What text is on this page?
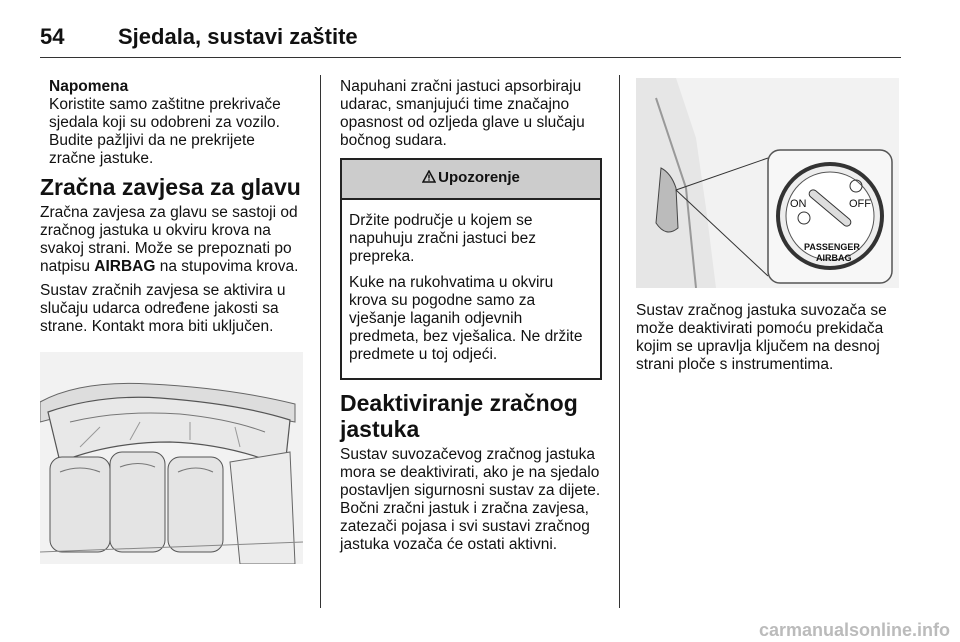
54 Sjedala, sustavi zaštite
Napomena

Koristite samo zaštitne prekrivače sjedala koji su odobreni za vozilo. Budite pažljivi da ne prekrijete zračne jastuke.

Zračna zavjesa za glavu

Zračna zavjesa za glavu se sastoji od zračnog jastuka u okviru krova na svakoj strani. Može se prepoznati po natpisu AIRBAG na stupovima krova.

Sustav zračnih zavjesa se aktivira u slučaju udarca određene jakosti sa strane. Kontakt mora biti uključen.

Napuhani zračni jastuci apsorbiraju udarac, smanjujući time značajno opasnost od ozljeda glave u slučaju bočnog sudara.

Upozorenje

Držite područje u kojem se napuhuju zračni jastuci bez prepreka.

Kuke na rukohvatima u okviru krova su pogodne samo za vješanje laganih odjevnih predmeta, bez vješalica. Ne držite predmete u toj odjeći.

Deaktiviranje zračnog jastuka

Sustav suvozačevog zračnog jastuka mora se deaktivirati, ako je na sjedalo postavljen sigurnosni sustav za dijete. Bočni zračni jastuk i zračna zavjesa, zatezači pojasa i svi sustavi zračnog jastuka vozača će ostati aktivni.

ON	OFF
PASSENGER
AIRBAG

Sustav zračnog jastuka suvozača se može deaktivirati pomoću prekidača kojim se upravlja ključem na desnoj strani ploče s instrumentima.

carmanualsonline.info
